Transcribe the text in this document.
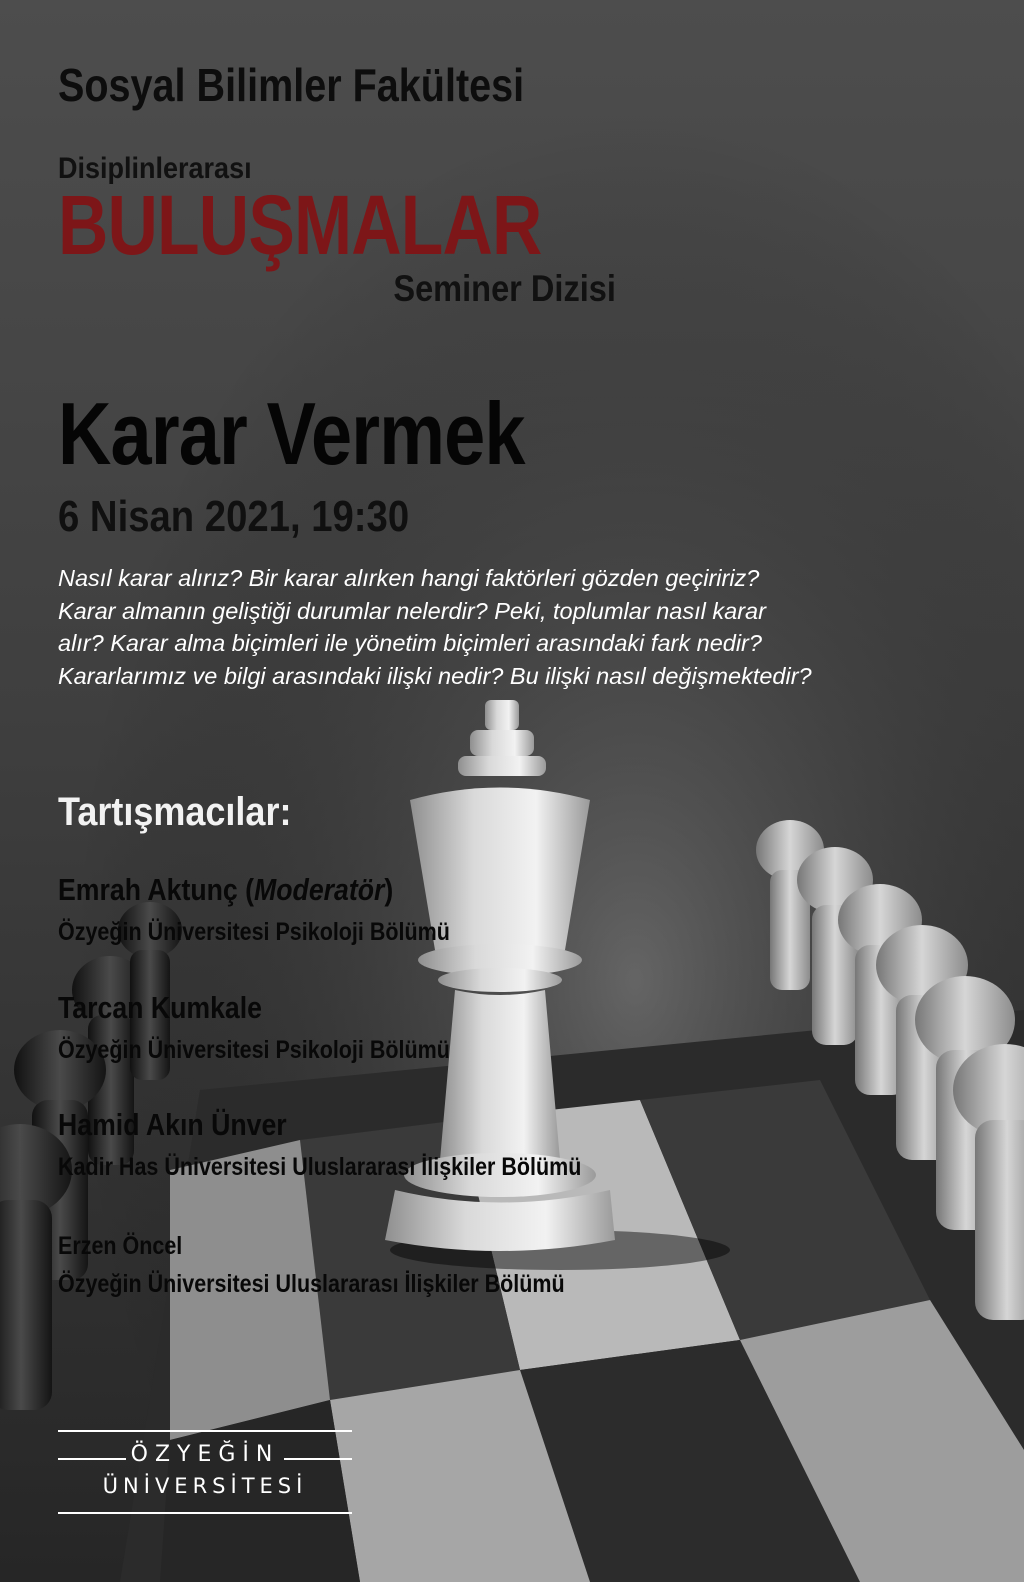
Sosyal Bilimler Fakültesi
Disiplinlerarası
BULUŞMALAR
Seminer Dizisi
Karar Vermek
6 Nisan 2021, 19:30

Nasıl karar alırız? Bir karar alırken hangi faktörleri gözden geçiririz?

Karar almanın geliştiği durumlar nelerdir? Peki, toplumlar nasıl karar

alır? Karar alma biçimleri ile yönetim biçimleri arasındaki fark nedir?

Kararlarımız ve bilgi arasındaki ilişki nedir? Bu ilişki nasıl değişmektedir?

Tartışmacılar:
Emrah Aktunç (Moderatör)
Özyeğin Üniversitesi Psikoloji Bölümü
Tarcan Kumkale
Özyeğin Üniversitesi Psikoloji Bölümü
Hamid Akın Ünver
Kadir Has Üniversitesi Uluslararası İlişkiler Bölümü
Erzen Öncel
Özyeğin Üniversitesi Uluslararası İlişkiler Bölümü
ÖZYEĞİN
ÜNİVERSİTESİ
